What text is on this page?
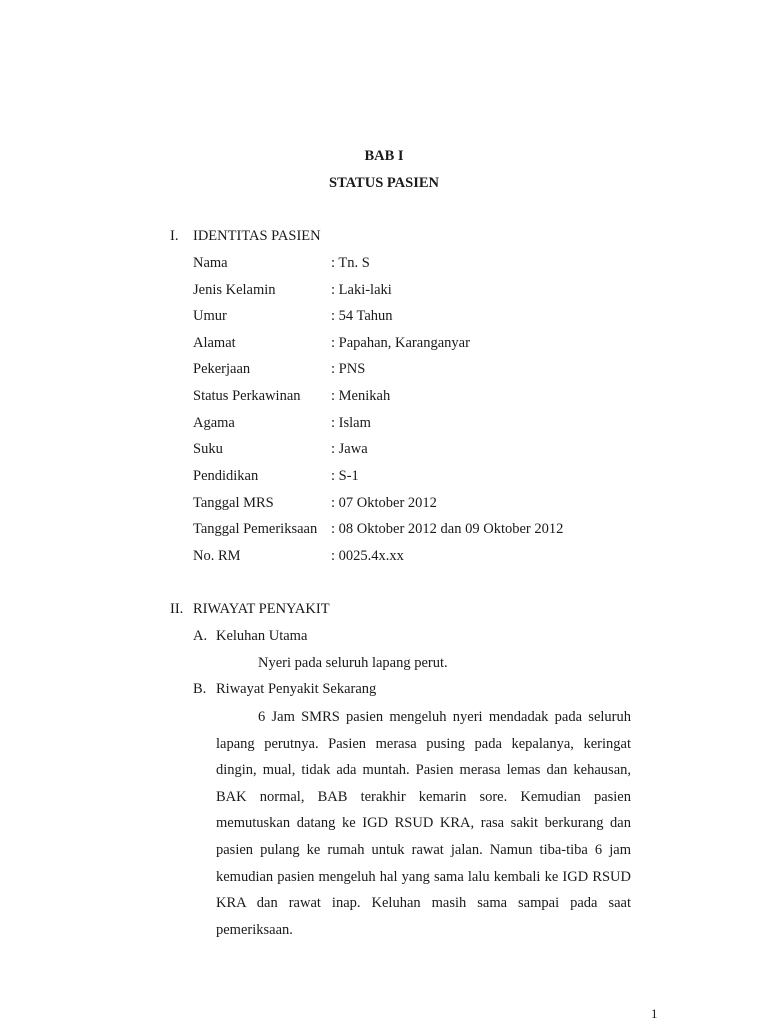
BAB I
STATUS PASIEN
I. IDENTITAS PASIEN
Nama	: Tn. S
Jenis Kelamin	: Laki-laki
Umur	: 54 Tahun
Alamat	: Papahan, Karanganyar
Pekerjaan	: PNS
Status Perkawinan : Menikah
Agama	: Islam
Suku	: Jawa
Pendidikan	: S-1
Tanggal MRS	: 07 Oktober 2012
Tanggal Pemeriksaan : 08 Oktober 2012 dan 09 Oktober 2012
No. RM	: 0025.4x.xx
II. RIWAYAT PENYAKIT
A. Keluhan Utama
Nyeri pada seluruh lapang perut.
B. Riwayat Penyakit Sekarang
6 Jam SMRS pasien mengeluh nyeri mendadak pada seluruh lapang perutnya. Pasien merasa pusing pada kepalanya, keringat dingin, mual, tidak ada muntah. Pasien merasa lemas dan kehausan, BAK normal, BAB terakhir kemarin sore. Kemudian pasien memutuskan datang ke IGD RSUD KRA, rasa sakit berkurang dan pasien pulang ke rumah untuk rawat jalan. Namun tiba-tiba 6 jam kemudian pasien mengeluh hal yang sama lalu kembali ke IGD RSUD KRA dan rawat inap. Keluhan masih sama sampai pada saat pemeriksaan.
1
